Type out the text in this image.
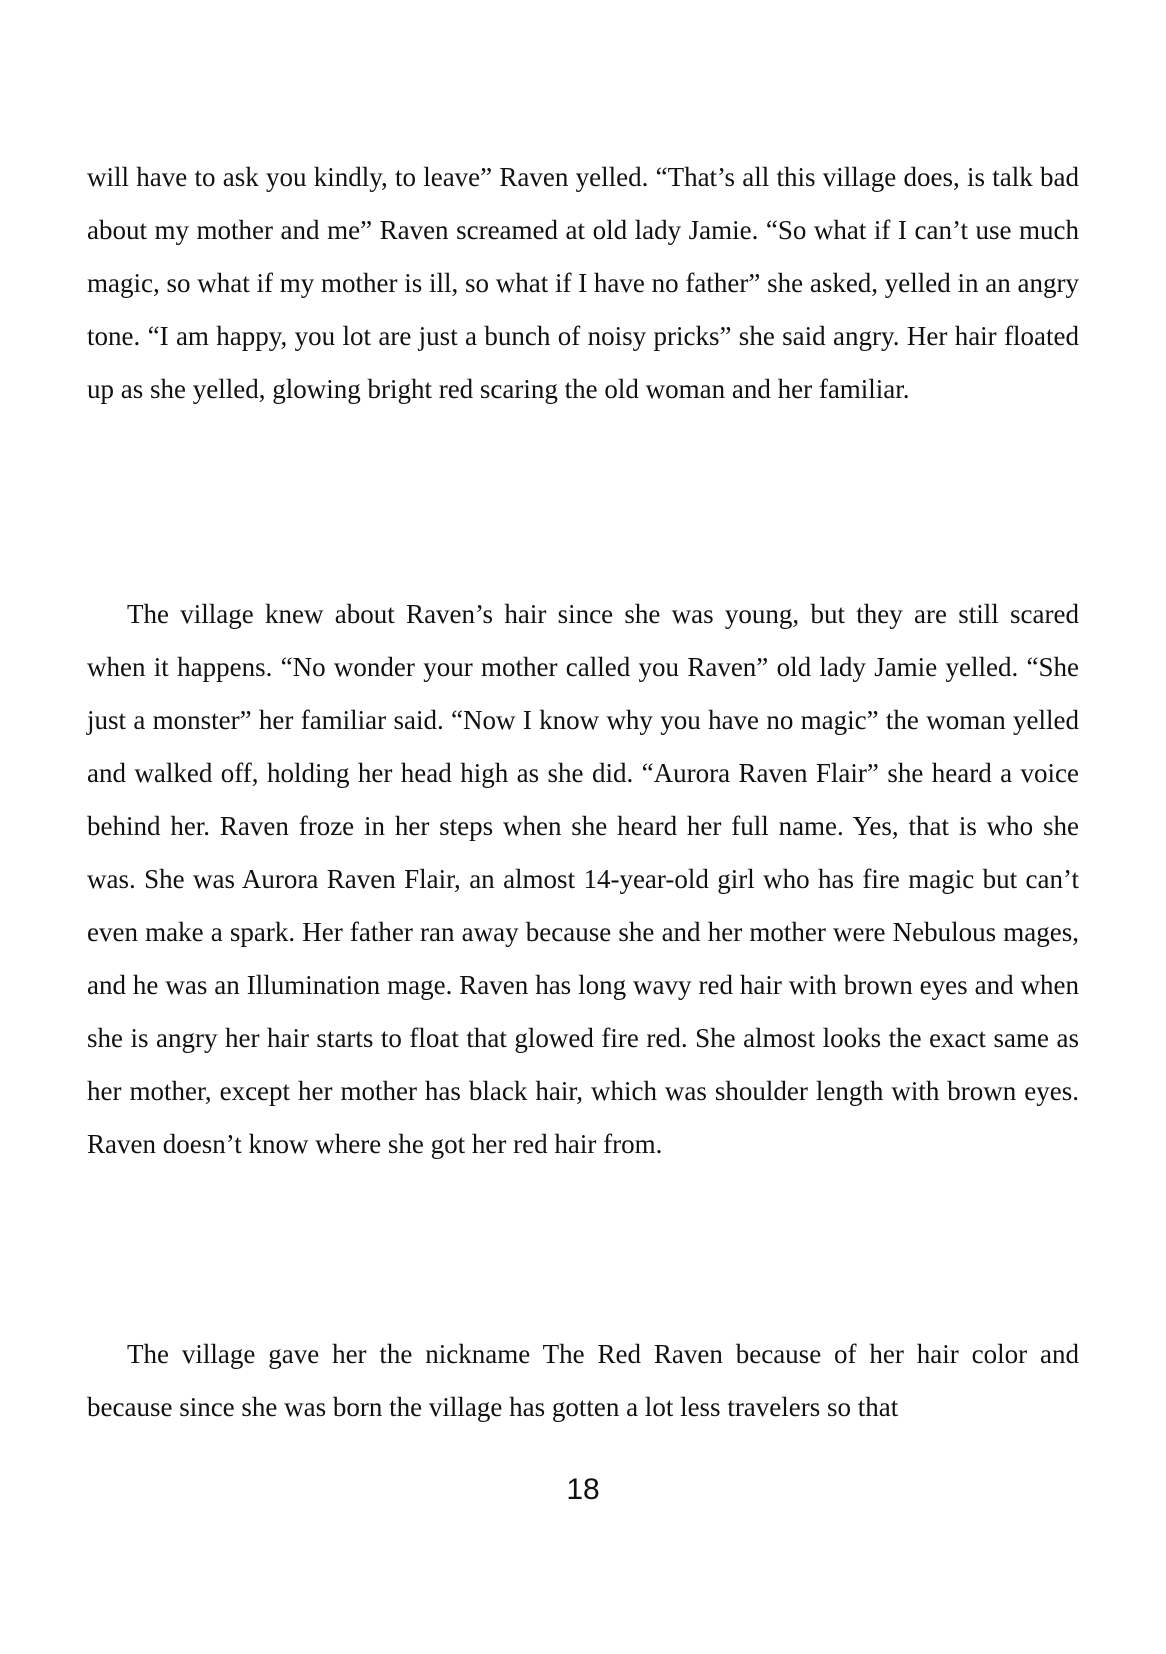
will have to ask you kindly, to leave” Raven yelled. “That’s all this village does, is talk bad about my mother and me” Raven screamed at old lady Jamie. “So what if I can’t use much magic, so what if my mother is ill, so what if I have no father” she asked, yelled in an angry tone. “I am happy, you lot are just a bunch of noisy pricks” she said angry. Her hair floated up as she yelled, glowing bright red scaring the old woman and her familiar.

The village knew about Raven’s hair since she was young, but they are still scared when it happens. “No wonder your mother called you Raven” old lady Jamie yelled. “She just a monster” her familiar said. “Now I know why you have no magic” the woman yelled and walked off, holding her head high as she did. “Aurora Raven Flair” she heard a voice behind her. Raven froze in her steps when she heard her full name. Yes, that is who she was. She was Aurora Raven Flair, an almost 14-year-old girl who has fire magic but can’t even make a spark. Her father ran away because she and her mother were Nebulous mages, and he was an Illumination mage. Raven has long wavy red hair with brown eyes and when she is angry her hair starts to float that glowed fire red. She almost looks the exact same as her mother, except her mother has black hair, which was shoulder length with brown eyes. Raven doesn’t know where she got her red hair from.

The village gave her the nickname The Red Raven because of her hair color and because since she was born the village has gotten a lot less travelers so that

18
